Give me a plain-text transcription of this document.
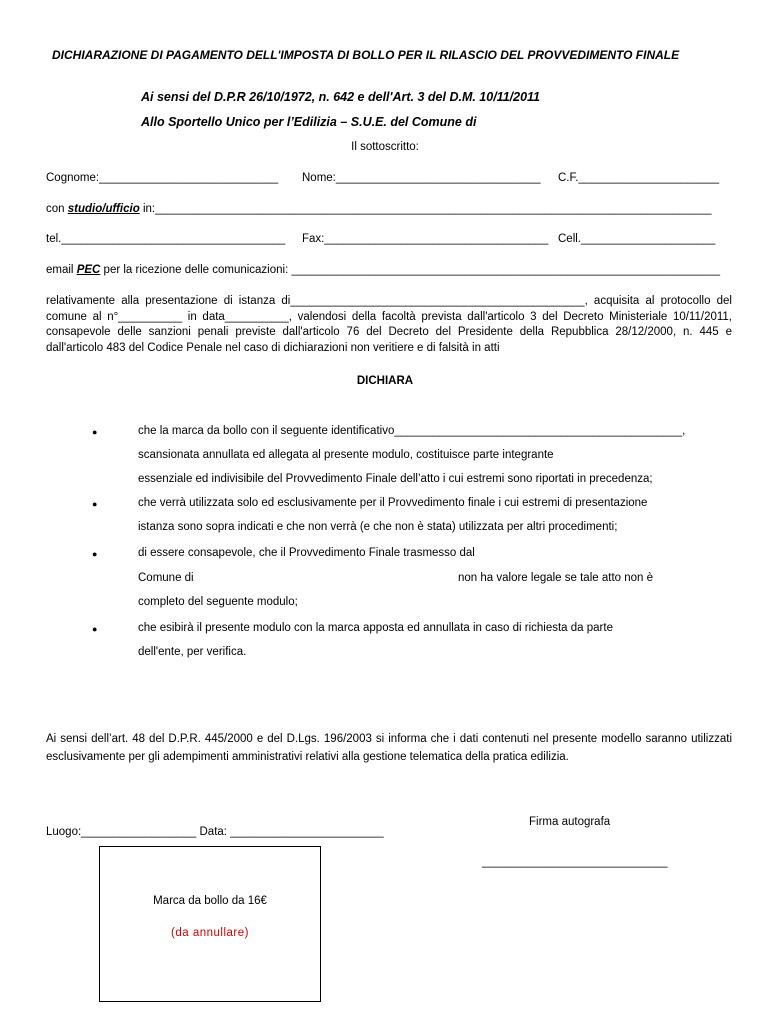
DICHIARAZIONE DI PAGAMENTO DELL'IMPOSTA DI BOLLO PER IL RILASCIO DEL PROVVEDIMENTO FINALE
Ai sensi del D.P.R 26/10/1972, n. 642 e dell'Art. 3 del D.M. 10/11/2011
Allo Sportello Unico per l’Edilizia – S.U.E. del Comune di
Il sottoscritto:
Cognome:____________________________ Nome:________________________________ C.F.______________________
con studio/ufficio in:_______________________________________________________________________________________
tel.___________________________________ Fax:___________________________________ Cell._____________________
email PEC per la ricezione delle comunicazioni: ___________________________________________________________________
relativamente alla presentazione di istanza di______________________________________________, acquisita al protocollo del comune al n°__________ in data__________, valendosi della facoltà prevista dall'articolo 3 del Decreto Ministeriale 10/11/2011, consapevole delle sanzioni penali previste dall'articolo 76 del Decreto del Presidente della Repubblica 28/12/2000, n. 445 e dall'articolo 483 del Codice Penale nel caso di dichiarazioni non veritiere e di falsità in atti
DICHIARA
●	che la marca da bollo con il seguente identificativo_____________________________________________,
scansionata annullata ed allegata al presente modulo, costituisce parte integrante
essenziale ed indivisibile del Provvedimento Finale dell’atto i cui estremi sono riportati in precedenza;
●	che verrà utilizzata solo ed esclusivamente per il Provvedimento finale i cui estremi di presentazione
istanza sono sopra indicati e che non verrà (e che non è stata) utilizzata per altri procedimenti;
●	di essere consapevole, che il Provvedimento Finale trasmesso dal
Comune di	non ha valore legale se tale atto non è
completo del seguente modulo;
●	che esibirà il presente modulo con la marca apposta ed annullata in caso di richiesta da parte
dell'ente, per verifica.
Ai sensi dell’art. 48 del D.P.R. 445/2000 e del D.Lgs. 196/2003 si informa che i dati contenuti nel presente modello saranno utilizzati esclusivamente per gli adempimenti amministrativi relativi alla gestione telematica della pratica edilizia.
Firma autografa
Luogo:__________________ Data: ________________________
_____________________________
Marca da bollo da 16€
(da annullare)
